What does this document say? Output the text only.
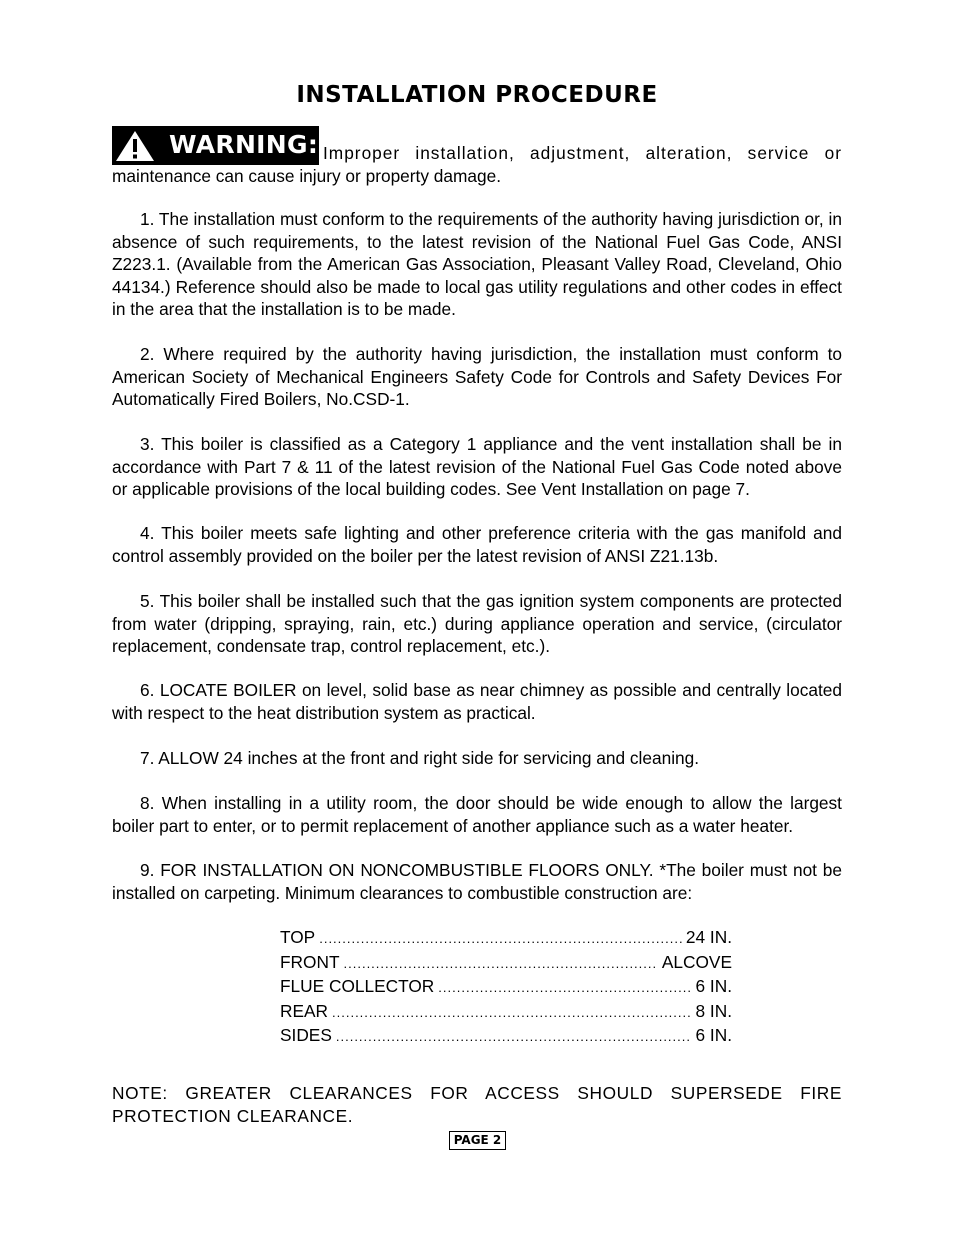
INSTALLATION PROCEDURE
WARNING: Improper installation, adjustment, alteration, service or
maintenance can cause injury or property damage.

1. The installation must conform to the requirements of the authority having jurisdiction or, in absence of such requirements, to the latest revision of the National Fuel Gas Code, ANSI Z223.1. (Available from the American Gas Association, Pleasant Valley Road, Cleveland, Ohio 44134.) Reference should also be made to local gas utility regulations and other codes in effect in the area that the installation is to be made.

2. Where required by the authority having jurisdiction, the installation must conform to American Society of Mechanical Engineers Safety Code for Controls and Safety Devices For Automatically Fired Boilers, No.CSD-1.

3. This boiler is classified as a Category 1 appliance and the vent installation shall be in accordance with Part 7 & 11 of the latest revision of the National Fuel Gas Code noted above or applicable provisions of the local building codes. See Vent Installation on page 7.

4. This boiler meets safe lighting and other preference criteria with the gas manifold and control assembly provided on the boiler per the latest revision of ANSI Z21.13b.

5. This boiler shall be installed such that the gas ignition system components are protected from water (dripping, spraying, rain, etc.) during appliance operation and service, (circulator replacement, condensate trap, control replacement, etc.).

6. LOCATE BOILER on level, solid base as near chimney as possible and centrally located with respect to the heat distribution system as practical.

7. ALLOW 24 inches at the front and right side for servicing and cleaning.

8. When installing in a utility room, the door should be wide enough to allow the largest boiler part to enter, or to permit replacement of another appliance such as a water heater.

9. FOR INSTALLATION ON NONCOMBUSTIBLE FLOORS ONLY. *The boiler must not be installed on carpeting. Minimum clearances to combustible construction are:

TOP .....	24 IN.
FRONT .....	ALCOVE
FLUE COLLECTOR .....	6 IN.
REAR .....	8 IN.
SIDES .....	6 IN.

NOTE: GREATER CLEARANCES FOR ACCESS SHOULD SUPERSEDE FIRE PROTECTION CLEARANCE.

PAGE 2
